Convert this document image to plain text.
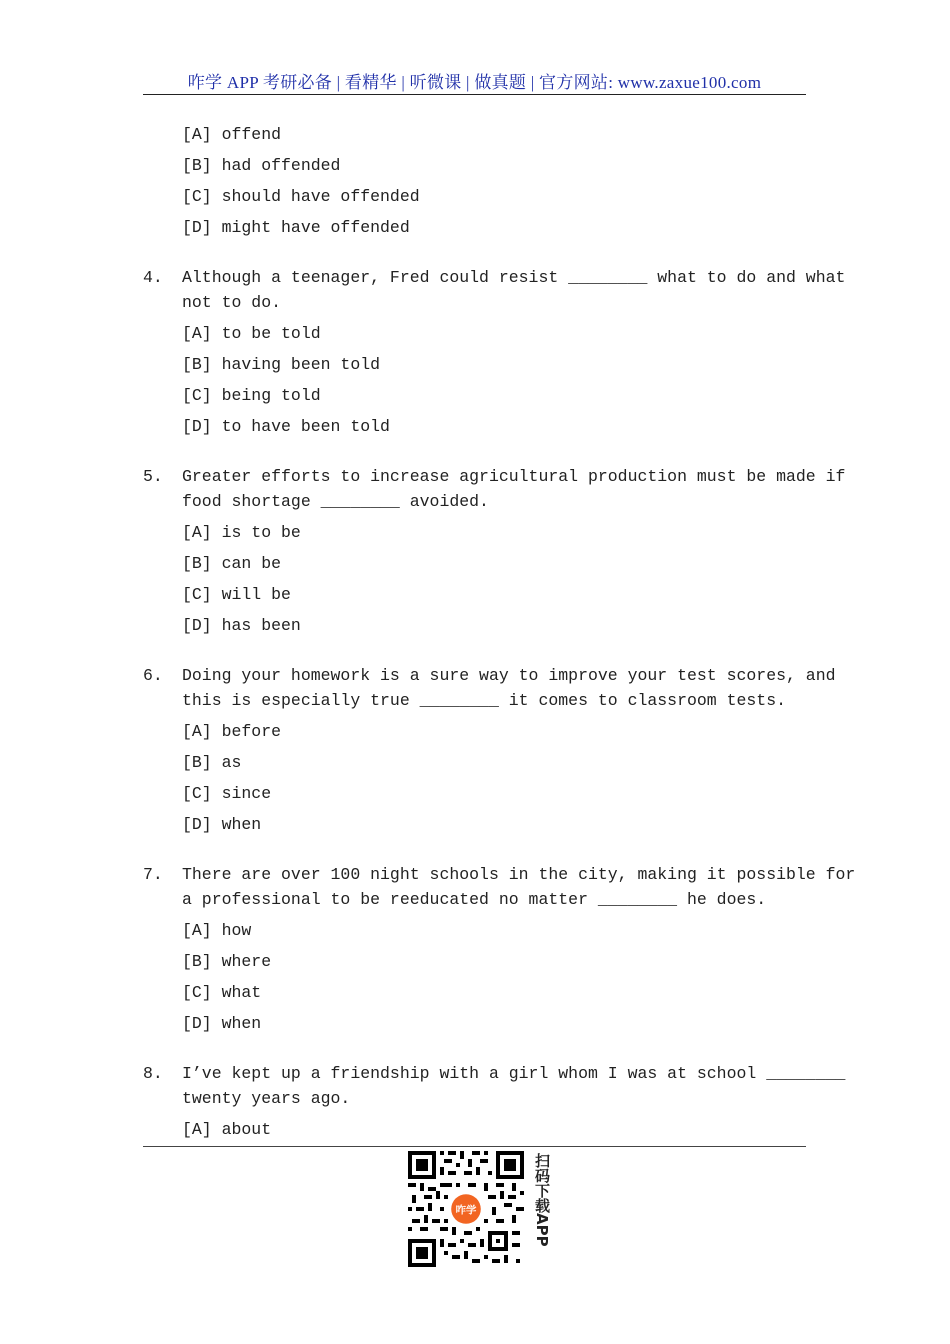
咋学 APP 考研必备 | 看精华 | 听微课 | 做真题 | 官方网站: www.zaxue100.com
[A] offend
[B] had offended
[C] should have offended
[D] might have offended
4. Although a teenager, Fred could resist ________ what to do and what
not to do.
[A] to be told
[B] having been told
[C] being told
[D] to have been told
5. Greater efforts to increase agricultural production must be made if
food shortage ________ avoided.
[A] is to be
[B] can be
[C] will be
[D] has been
6. Doing your homework is a sure way to improve your test scores, and
this is especially true ________ it comes to classroom tests.
[A] before
[B] as
[C] since
[D] when
7. There are over 100 night schools in the city, making it possible for
a professional to be reeducated no matter ________ he does.
[A] how
[B] where
[C] what
[D] when
8. I’ve kept up a friendship with a girl whom I was at school ________
twenty years ago.
[A] about
咋学	扫码下载APP
